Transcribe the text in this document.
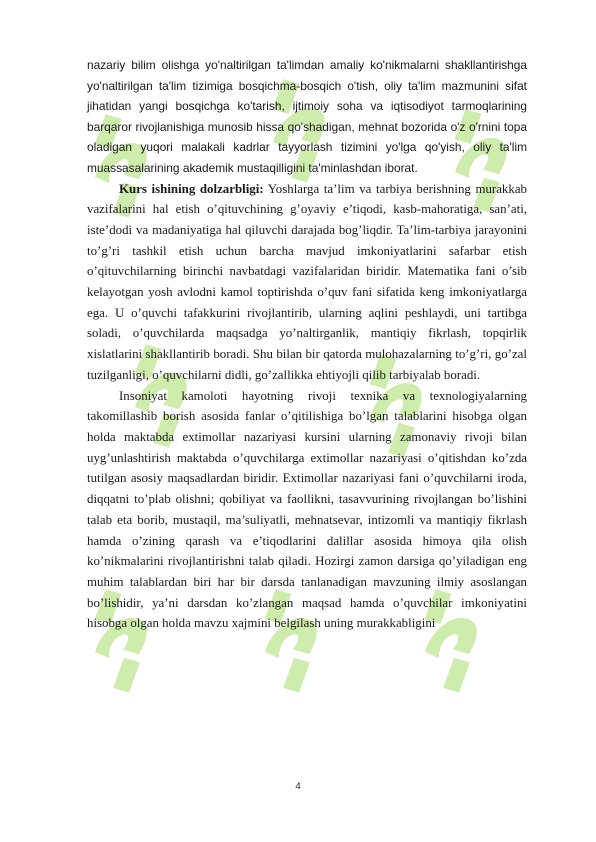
nazariy bilim olishga yo'naltirilgan ta'limdan amaliy ko'nikmalarni shakllantirishga yo'naltirilgan ta'lim tizimiga bosqichma-bosqich o'tish, oliy ta'lim mazmunini sifat jihatidan yangi bosqichga ko'tarish, ijtimoiy soha va iqtisodiyot tarmoqlarining barqaror rivojlanishiga munosib hissa qo'shadigan, mehnat bozorida o'z o'rnini topa oladigan yuqori malakali kadrlar tayyorlash tizimini yo'lga qo'yish, oliy ta'lim muassasalarining akademik mustaqilligini ta'minlashdan iborat.

Kurs ishining dolzarbligi: Yoshlarga ta’lim va tarbiya berishning murakkab vazifalarini hal etish o’qituvchining g’oyaviy e’tiqodi, kasb-mahoratiga, san’ati, iste’dodi va madaniyatiga hal qiluvchi darajada bog’liqdir. Ta’lim-tarbiya jarayonini to’g’ri tashkil etish uchun barcha mavjud imkoniyatlarini safarbar etish o’qituvchilarning birinchi navbatdagi vazifalaridan biridir. Matematika fani o’sib kelayotgan yosh avlodni kamol toptirishda o’quv fani sifatida keng imkoniyatlarga ega. U o’quvchi tafakkurini rivojlantirib, ularning aqlini peshlaydi, uni tartibga soladi, o’quvchilarda maqsadga yo’naltirganlik, mantiqiy fikrlash, topqirlik xislatlarini shakllantirib boradi. Shu bilan bir qatorda mulohazalarning to’g’ri, go’zal tuzilganligi, o’quvchilarni didli, go’zallikka ehtiyojli qilib tarbiyalab boradi.

Insoniyat kamoloti hayotning rivoji texnika va texnologiyalarning takomillashib borish asosida fanlar o’qitilishiga bo’lgan talablarini hisobga olgan holda maktabda extimollar nazariyasi kursini ularning zamonaviy rivoji bilan uyg’unlashtirish maktabda o’quvchilarga extimollar nazariyasi o’qitishdan ko’zda tutilgan asosiy maqsadlardan biridir. Extimollar nazariyasi fani o’quvchilarni iroda, diqqatni to’plab olishni; qobiliyat va faollikni, tasavvurining rivojlangan bo’lishini talab eta borib, mustaqil, ma’suliyatli, mehnatsevar, intizomli va mantiqiy fikrlash hamda o’zining qarash va e’tiqodlarini dalillar asosida himoya qila olish ko’nikmalarini rivojlantirishni talab qiladi. Hozirgi zamon darsiga qo’yiladigan eng muhim talablardan biri har bir darsda tanlanadigan mavzuning ilmiy asoslangan bo’lishidir, ya’ni darsdan ko’zlangan maqsad hamda o’quvchilar imkoniyatini hisobga olgan holda mavzu xajmini belgilash uning murakkabligini

4
